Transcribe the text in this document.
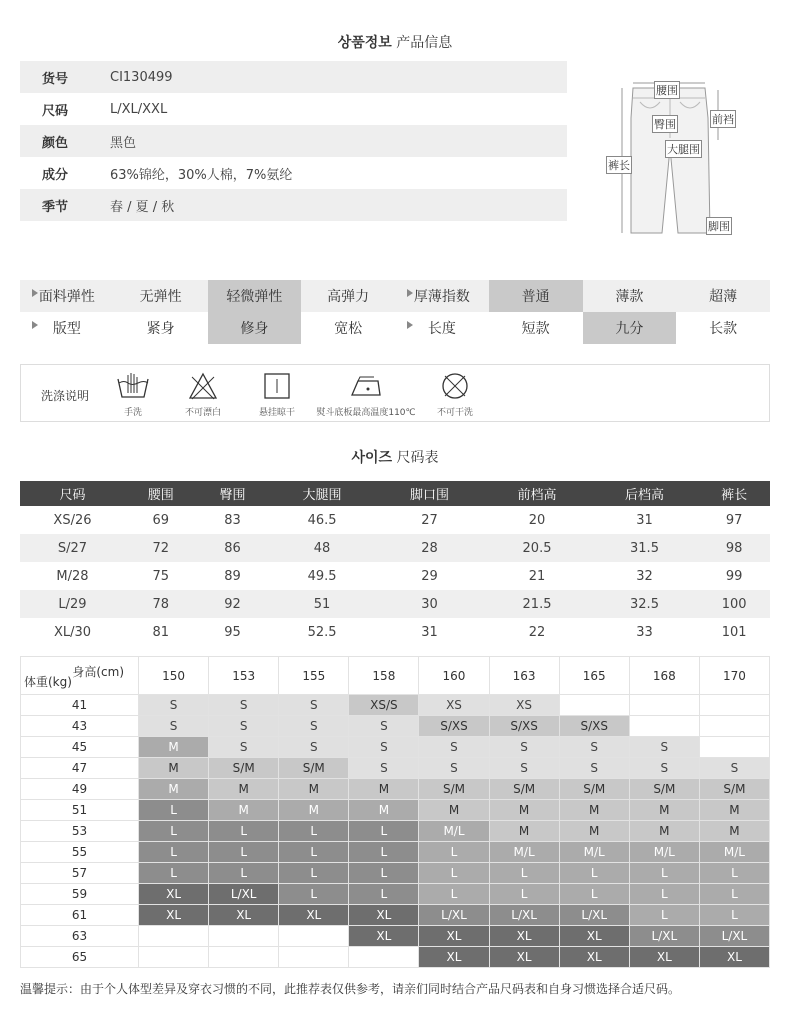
상품정보 产品信息
货号	CI130499
尺码	L/XL/XXL
颜色	黑色
成分	63%锦纶，30%人棉，7%氨纶
季节	春 / 夏 / 秋
腰围
臀围	前裆
大腿围
裤长
脚围
面料弹性	无弹性	轻微弹性	高弹力	厚薄指数	普通	薄款	超薄
版型	紧身	修身	宽松	长度	短款	九分	长款
洗涤说明
手洗	不可漂白	悬挂晾干	熨斗底板最高温度110℃	不可干洗
사이즈 尺码表
尺码	腰围	臀围	大腿围	脚口围	前档高	后档高	裤长
XS/26	69	83	46.5	27	20	31	97
S/27	72	86	48	28	20.5	31.5	98
M/28	75	89	49.5	29	21	32	99
L/29	78	92	51	30	21.5	32.5	100
XL/30	81	95	52.5	31	22	33	101
身高(cm)
体重(kg)	150	153	155	158	160	163	165	168	170
41	S	S	S	XS/S	XS	XS			
43	S	S	S	S	S/XS	S/XS	S/XS		
45	M	S	S	S	S	S	S	S	
47	M	S/M	S/M	S	S	S	S	S	S
49	M	M	M	M	S/M	S/M	S/M	S/M	S/M
51	L	M	M	M	M	M	M	M	M
53	L	L	L	L	M/L	M	M	M	M
55	L	L	L	L	L	M/L	M/L	M/L	M/L
57	L	L	L	L	L	L	L	L	L
59	XL	L/XL	L	L	L	L	L	L	L
61	XL	XL	XL	XL	L/XL	L/XL	L/XL	L	L
63				XL	XL	XL	XL	L/XL	L/XL
65					XL	XL	XL	XL	XL
温馨提示：由于个人体型差异及穿衣习惯的不同，此推荐表仅供参考，请亲们同时结合产品尺码表和自身习惯选择合适尺码。
